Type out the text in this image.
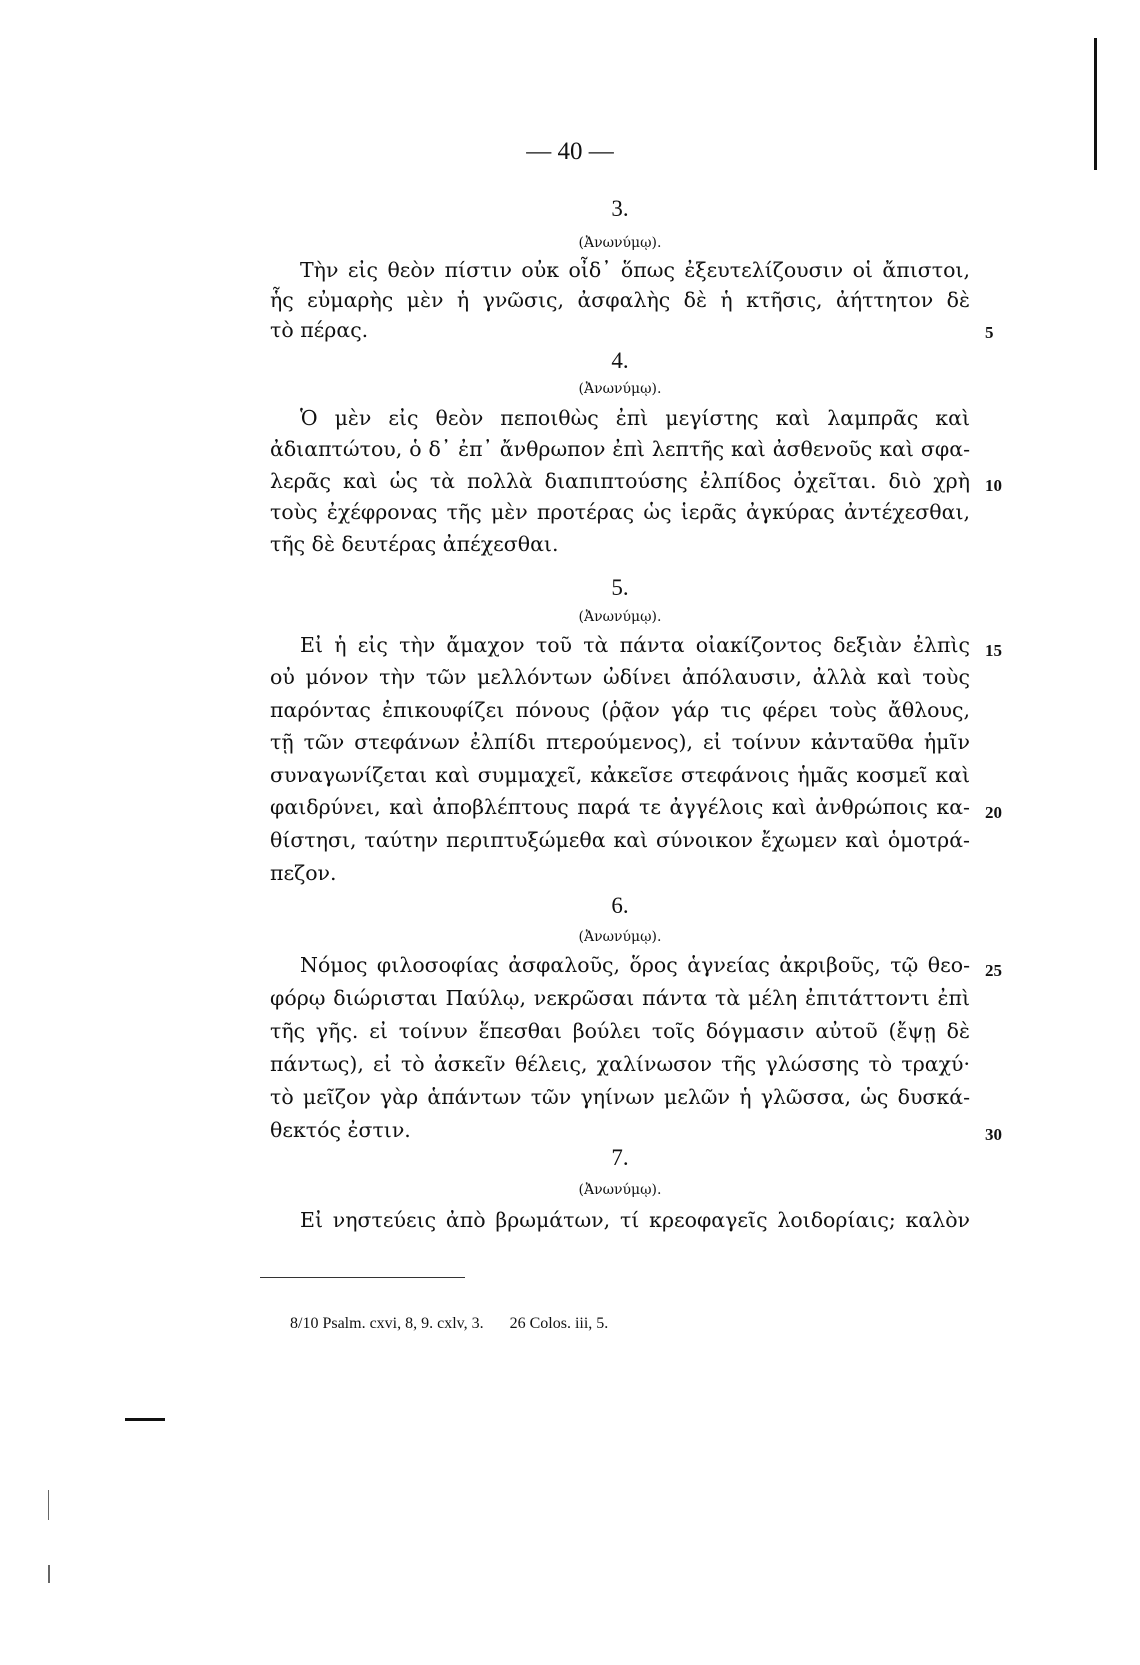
— 40 —
3.
(Ἀνωνύμῳ).
Τὴν εἰς θεὸν πίστιν οὐκ οἶδ᾽ ὅπως ἐξευτελίζουσιν οἱ ἄπιστοι,
ἧς εὐμαρὴς μὲν ἡ γνῶσις, ἀσφαλὴς δὲ ἡ κτῆσις, ἀήττητον δὲ
τὸ πέρας.
4.
(Ἀνωνύμῳ).
Ὁ μὲν εἰς θεὸν πεποιθὼς ἐπὶ μεγίστης καὶ λαμπρᾶς καὶ
ἀδιαπτώτου, ὁ δ᾽ ἐπ᾽ ἄνθρωπον ἐπὶ λεπτῆς καὶ ἀσθενοῦς καὶ σφα-
λερᾶς καὶ ὡς τὰ πολλὰ διαπιπτούσης ἐλπίδος ὀχεῖται. διὸ χρὴ
τοὺς ἐχέφρονας τῆς μὲν προτέρας ὡς ἱερᾶς ἀγκύρας ἀντέχεσθαι,
τῆς δὲ δευτέρας ἀπέχεσθαι.
5.
(Ἀνωνύμῳ).
Εἰ ἡ εἰς τὴν ἄμαχον τοῦ τὰ πάντα οἰακίζοντος δεξιὰν ἐλπὶς
οὐ μόνον τὴν τῶν μελλόντων ὠδίνει ἀπόλαυσιν, ἀλλὰ καὶ τοὺς
παρόντας ἐπικουφίζει πόνους (ῥᾷον γάρ τις φέρει τοὺς ἄθλους,
τῇ τῶν στεφάνων ἐλπίδι πτερούμενος), εἰ τοίνυν κἀνταῦθα ἡμῖν
συναγωνίζεται καὶ συμμαχεῖ, κἀκεῖσε στεφάνοις ἡμᾶς κοσμεῖ καὶ
φαιδρύνει, καὶ ἀποβλέπτους παρά τε ἀγγέλοις καὶ ἀνθρώποις κα-
θίστησι, ταύτην περιπτυξώμεθα καὶ σύνοικον ἔχωμεν καὶ ὁμοτρά-
πεζον.
6.
(Ἀνωνύμῳ).
Νόμος φιλοσοφίας ἀσφαλοῦς, ὅρος ἁγνείας ἀκριβοῦς, τῷ θεο-
φόρῳ διώρισται Παύλῳ, νεκρῶσαι πάντα τὰ μέλη ἐπιτάττοντι ἐπὶ
τῆς γῆς. εἰ τοίνυν ἕπεσθαι βούλει τοῖς δόγμασιν αὐτοῦ (ἔψῃ δὲ
πάντως), εἰ τὸ ἀσκεῖν θέλεις, χαλίνωσον τῆς γλώσσης τὸ τραχύ·
τὸ μεῖζον γὰρ ἁπάντων τῶν γηίνων μελῶν ἡ γλῶσσα, ὡς δυσκά-
θεκτός ἐστιν.
7.
(Ἀνωνύμῳ).
Εἰ νηστεύεις ἀπὸ βρωμάτων, τί κρεοφαγεῖς λοιδορίαις; καλὸν
5
10
15
20
25
30
8/10 Psalm. cxvi, 8, 9. cxlv, 3. 26 Colos. iii, 5.
